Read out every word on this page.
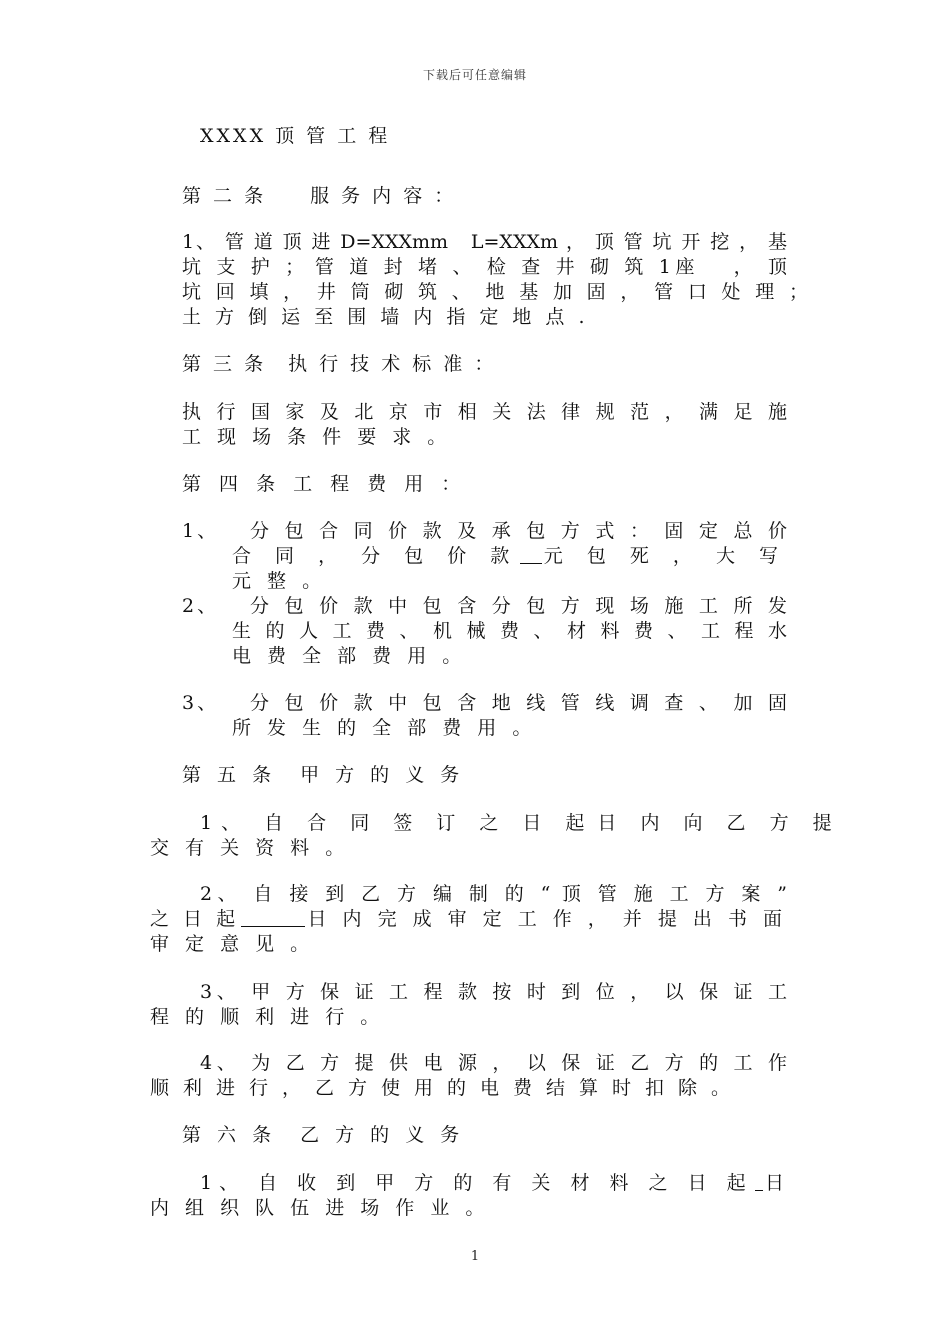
下载后可任意编辑
XXXX 顶 管 工 程
第 二 条　　服 务 内 容 ：
1、 管 道 顶 进 D=XXXmm　L=XXXm ， 顶 管 坑 开 挖 ， 基
坑 支 护 ； 管 道 封 堵 、 检 查 井 砌 筑 1座　 ， 顶
坑 回 填 ， 井 筒 砌 筑 、 地 基 加 固 ， 管 口 处 理 ；
土 方 倒 运 至 围 墙 内 指 定 地 点 .
第 三 条　执 行 技 术 标 准 ：
执 行 国 家 及 北 京 市 相 关 法 律 规 范 ， 满 足 施
工 现 场 条 件 要 求 。
第 四 条 工 程 费 用 ：
1、 分 包 合 同 价 款 及 承 包 方 式 ： 固 定 总 价
合 同 ， 分 包 价 款 元 包 死 ， 大 写
元 整 。
2、 分 包 价 款 中 包 含 分 包 方 现 场 施 工 所 发
生 的 人 工 费 、 机 械 费 、 材 料 费 、 工 程 水
电 费 全 部 费 用 。
3、 分 包 价 款 中 包 含 地 线 管 线 调 查 、 加 固
所 发 生 的 全 部 费 用 。
第 五 条　甲 方 的 义 务
1、 自 合 同 签 订 之 日 起 日 内 向 乙 方 提
交 有 关 资 料 。
2、 自 接 到 乙 方 编 制 的 “ 顶 管 施 工 方 案 ”
之 日 起	日 内 完 成 审 定 工 作 ， 并 提 出 书 面
审 定 意 见 。
3、 甲 方 保 证 工 程 款 按 时 到 位 ， 以 保 证 工
程 的 顺 利 进 行 。
4、 为 乙 方 提 供 电 源 ， 以 保 证 乙 方 的 工 作
顺 利 进 行 ， 乙 方 使 用 的 电 费 结 算 时 扣 除 。
第 六 条　乙 方 的 义 务
1、 自 收 到 甲 方 的 有 关 材 料 之 日 起 日
内 组 织 队 伍 进 场 作 业 。
1
